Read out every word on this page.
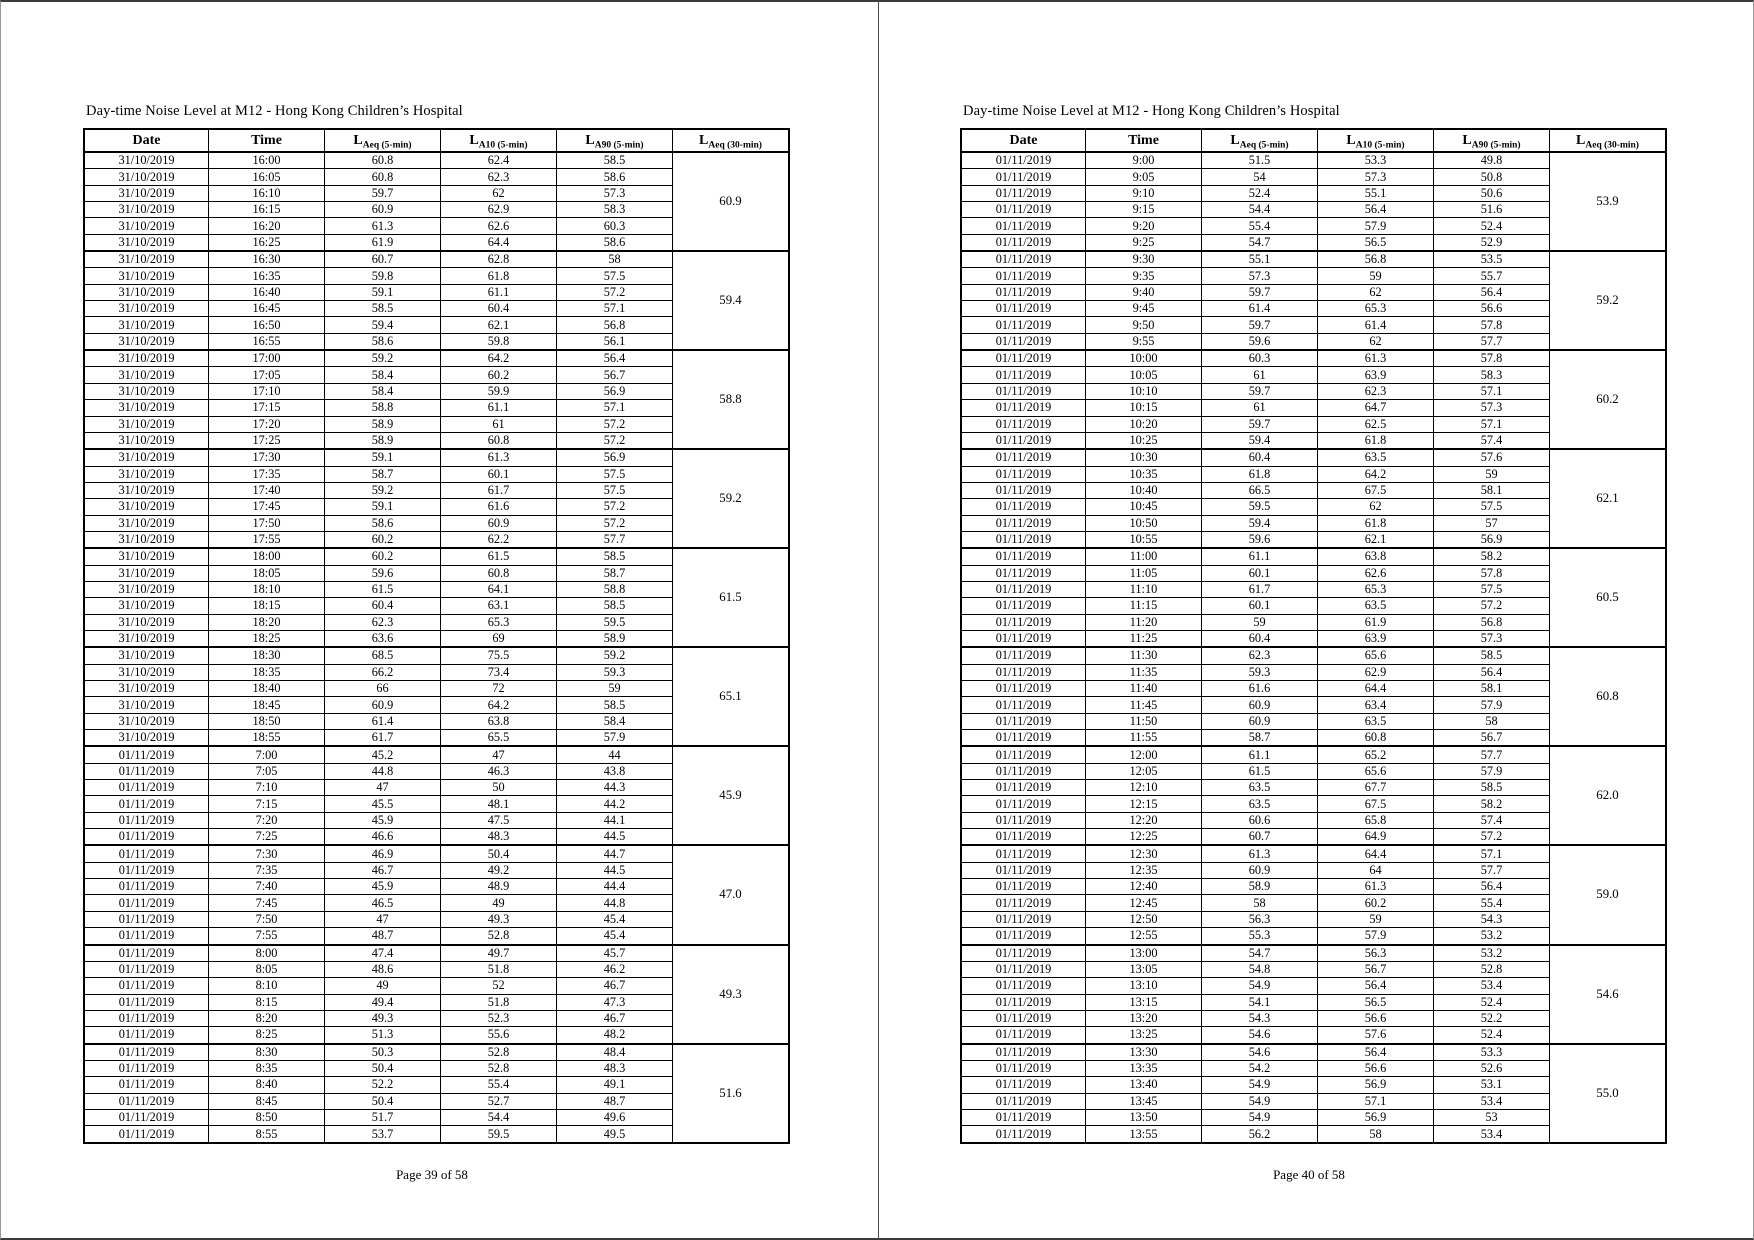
Day-time Noise Level at M12 - Hong Kong Children’s Hospital
Date	Time	$L_{Aeq (5-min)}$	$L_{A10 (5-min)}$	$L_{A90 (5-min)}$	$L_{Aeq (30-min)}$
31/10/2019	16:00	60.8	62.4	58.5	60.9
31/10/2019	16:05	60.8	62.3	58.6	
31/10/2019	16:10	59.7	62	57.3	
31/10/2019	16:15	60.9	62.9	58.3	
31/10/2019	16:20	61.3	62.6	60.3	
31/10/2019	16:25	61.9	64.4	58.6	
31/10/2019	16:30	60.7	62.8	58	59.4
31/10/2019	16:35	59.8	61.8	57.5	
31/10/2019	16:40	59.1	61.1	57.2	
31/10/2019	16:45	58.5	60.4	57.1	
31/10/2019	16:50	59.4	62.1	56.8	
31/10/2019	16:55	58.6	59.8	56.1	
31/10/2019	17:00	59.2	64.2	56.4	58.8
31/10/2019	17:05	58.4	60.2	56.7	
31/10/2019	17:10	58.4	59.9	56.9	
31/10/2019	17:15	58.8	61.1	57.1	
31/10/2019	17:20	58.9	61	57.2	
31/10/2019	17:25	58.9	60.8	57.2	
31/10/2019	17:30	59.1	61.3	56.9	59.2
31/10/2019	17:35	58.7	60.1	57.5	
31/10/2019	17:40	59.2	61.7	57.5	
31/10/2019	17:45	59.1	61.6	57.2	
31/10/2019	17:50	58.6	60.9	57.2	
31/10/2019	17:55	60.2	62.2	57.7	
31/10/2019	18:00	60.2	61.5	58.5	61.5
31/10/2019	18:05	59.6	60.8	58.7	
31/10/2019	18:10	61.5	64.1	58.8	
31/10/2019	18:15	60.4	63.1	58.5	
31/10/2019	18:20	62.3	65.3	59.5	
31/10/2019	18:25	63.6	69	58.9	
31/10/2019	18:30	68.5	75.5	59.2	65.1
31/10/2019	18:35	66.2	73.4	59.3	
31/10/2019	18:40	66	72	59	
31/10/2019	18:45	60.9	64.2	58.5	
31/10/2019	18:50	61.4	63.8	58.4	
31/10/2019	18:55	61.7	65.5	57.9	
01/11/2019	7:00	45.2	47	44	45.9
01/11/2019	7:05	44.8	46.3	43.8	
01/11/2019	7:10	47	50	44.3	
01/11/2019	7:15	45.5	48.1	44.2	
01/11/2019	7:20	45.9	47.5	44.1	
01/11/2019	7:25	46.6	48.3	44.5	
01/11/2019	7:30	46.9	50.4	44.7	47.0
01/11/2019	7:35	46.7	49.2	44.5	
01/11/2019	7:40	45.9	48.9	44.4	
01/11/2019	7:45	46.5	49	44.8	
01/11/2019	7:50	47	49.3	45.4	
01/11/2019	7:55	48.7	52.8	45.4	
01/11/2019	8:00	47.4	49.7	45.7	49.3
01/11/2019	8:05	48.6	51.8	46.2	
01/11/2019	8:10	49	52	46.7	
01/11/2019	8:15	49.4	51.8	47.3	
01/11/2019	8:20	49.3	52.3	46.7	
01/11/2019	8:25	51.3	55.6	48.2	
01/11/2019	8:30	50.3	52.8	48.4	51.6
01/11/2019	8:35	50.4	52.8	48.3	
01/11/2019	8:40	52.2	55.4	49.1	
01/11/2019	8:45	50.4	52.7	48.7	
01/11/2019	8:50	51.7	54.4	49.6	
01/11/2019	8:55	53.7	59.5	49.5	
Page 39 of 58
Day-time Noise Level at M12 - Hong Kong Children’s Hospital
Date	Time	$L_{Aeq (5-min)}$	$L_{A10 (5-min)}$	$L_{A90 (5-min)}$	$L_{Aeq (30-min)}$
01/11/2019	9:00	51.5	53.3	49.8	53.9
01/11/2019	9:05	54	57.3	50.8	
01/11/2019	9:10	52.4	55.1	50.6	
01/11/2019	9:15	54.4	56.4	51.6	
01/11/2019	9:20	55.4	57.9	52.4	
01/11/2019	9:25	54.7	56.5	52.9	
01/11/2019	9:30	55.1	56.8	53.5	59.2
01/11/2019	9:35	57.3	59	55.7	
01/11/2019	9:40	59.7	62	56.4	
01/11/2019	9:45	61.4	65.3	56.6	
01/11/2019	9:50	59.7	61.4	57.8	
01/11/2019	9:55	59.6	62	57.7	
01/11/2019	10:00	60.3	61.3	57.8	60.2
01/11/2019	10:05	61	63.9	58.3	
01/11/2019	10:10	59.7	62.3	57.1	
01/11/2019	10:15	61	64.7	57.3	
01/11/2019	10:20	59.7	62.5	57.1	
01/11/2019	10:25	59.4	61.8	57.4	
01/11/2019	10:30	60.4	63.5	57.6	62.1
01/11/2019	10:35	61.8	64.2	59	
01/11/2019	10:40	66.5	67.5	58.1	
01/11/2019	10:45	59.5	62	57.5	
01/11/2019	10:50	59.4	61.8	57	
01/11/2019	10:55	59.6	62.1	56.9	
01/11/2019	11:00	61.1	63.8	58.2	60.5
01/11/2019	11:05	60.1	62.6	57.8	
01/11/2019	11:10	61.7	65.3	57.5	
01/11/2019	11:15	60.1	63.5	57.2	
01/11/2019	11:20	59	61.9	56.8	
01/11/2019	11:25	60.4	63.9	57.3	
01/11/2019	11:30	62.3	65.6	58.5	60.8
01/11/2019	11:35	59.3	62.9	56.4	
01/11/2019	11:40	61.6	64.4	58.1	
01/11/2019	11:45	60.9	63.4	57.9	
01/11/2019	11:50	60.9	63.5	58	
01/11/2019	11:55	58.7	60.8	56.7	
01/11/2019	12:00	61.1	65.2	57.7	62.0
01/11/2019	12:05	61.5	65.6	57.9	
01/11/2019	12:10	63.5	67.7	58.5	
01/11/2019	12:15	63.5	67.5	58.2	
01/11/2019	12:20	60.6	65.8	57.4	
01/11/2019	12:25	60.7	64.9	57.2	
01/11/2019	12:30	61.3	64.4	57.1	59.0
01/11/2019	12:35	60.9	64	57.7	
01/11/2019	12:40	58.9	61.3	56.4	
01/11/2019	12:45	58	60.2	55.4	
01/11/2019	12:50	56.3	59	54.3	
01/11/2019	12:55	55.3	57.9	53.2	
01/11/2019	13:00	54.7	56.3	53.2	54.6
01/11/2019	13:05	54.8	56.7	52.8	
01/11/2019	13:10	54.9	56.4	53.4	
01/11/2019	13:15	54.1	56.5	52.4	
01/11/2019	13:20	54.3	56.6	52.2	
01/11/2019	13:25	54.6	57.6	52.4	
01/11/2019	13:30	54.6	56.4	53.3	55.0
01/11/2019	13:35	54.2	56.6	52.6	
01/11/2019	13:40	54.9	56.9	53.1	
01/11/2019	13:45	54.9	57.1	53.4	
01/11/2019	13:50	54.9	56.9	53	
01/11/2019	13:55	56.2	58	53.4	
Page 40 of 58
